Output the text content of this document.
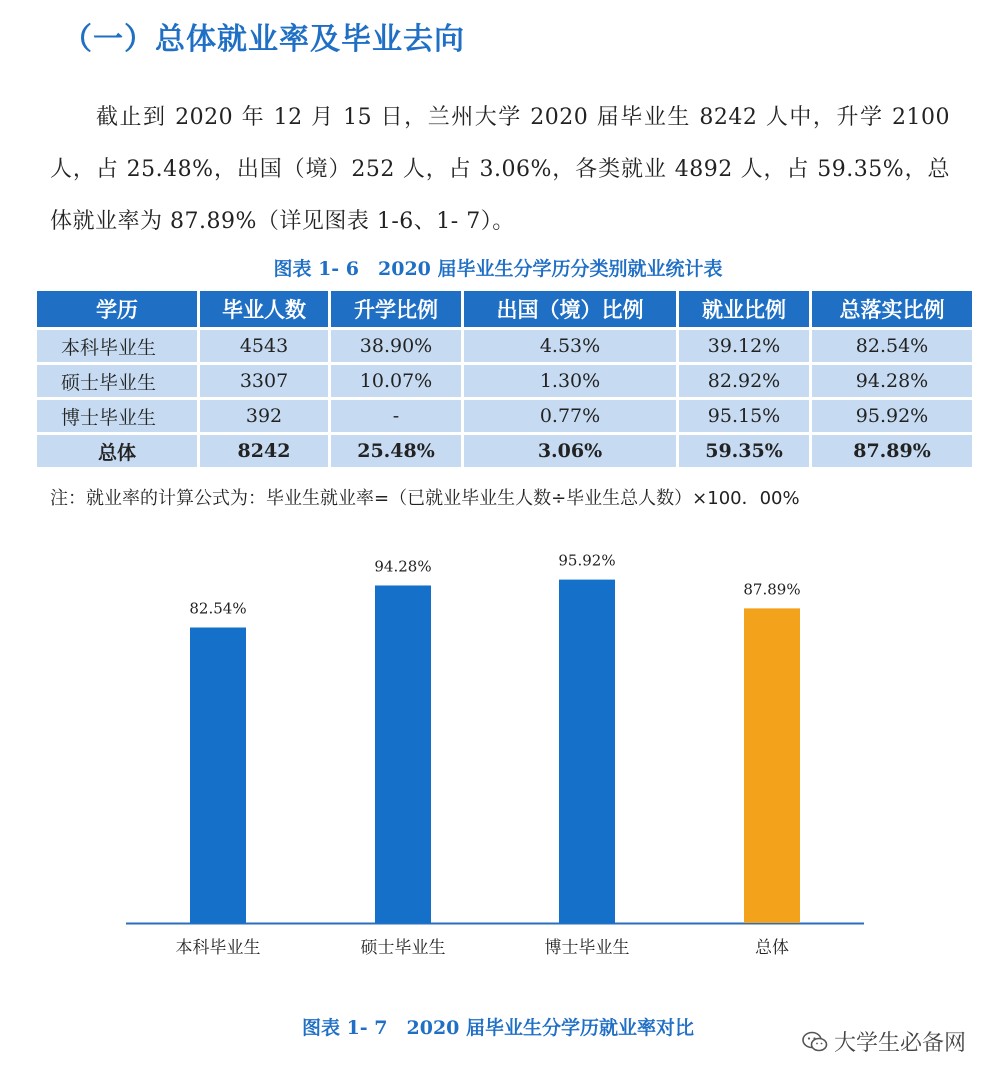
（一）总体就业率及毕业去向
截止到 2020 年 12 月 15 日，兰州大学 2020 届毕业生 8242 人中，升学 2100 人，占 25.48%，出国（境）252 人，占 3.06%，各类就业 4892 人，占 59.35%，总体就业率为 87.89%（详见图表 1-6、1- 7）。
图表 1- 6　2020 届毕业生分学历分类别就业统计表
学历	毕业人数	升学比例	出国（境）比例	就业比例	总落实比例
本科毕业生	4543	38.90%	4.53%	39.12%	82.54%
硕士毕业生	3307	10.07%	1.30%	82.92%	94.28%
博士毕业生	392	-	0.77%	95.15%	95.92%
总体	8242	25.48%	3.06%	59.35%	87.89%
注：就业率的计算公式为：毕业生就业率=（已就业毕业生人数÷毕业生总人数）×100．00%
82.54%
本科毕业生
94.28%
硕士毕业生
95.92%
博士毕业生
87.89%
总体
图表 1- 7　2020 届毕业生分学历就业率对比
大学生必备网
